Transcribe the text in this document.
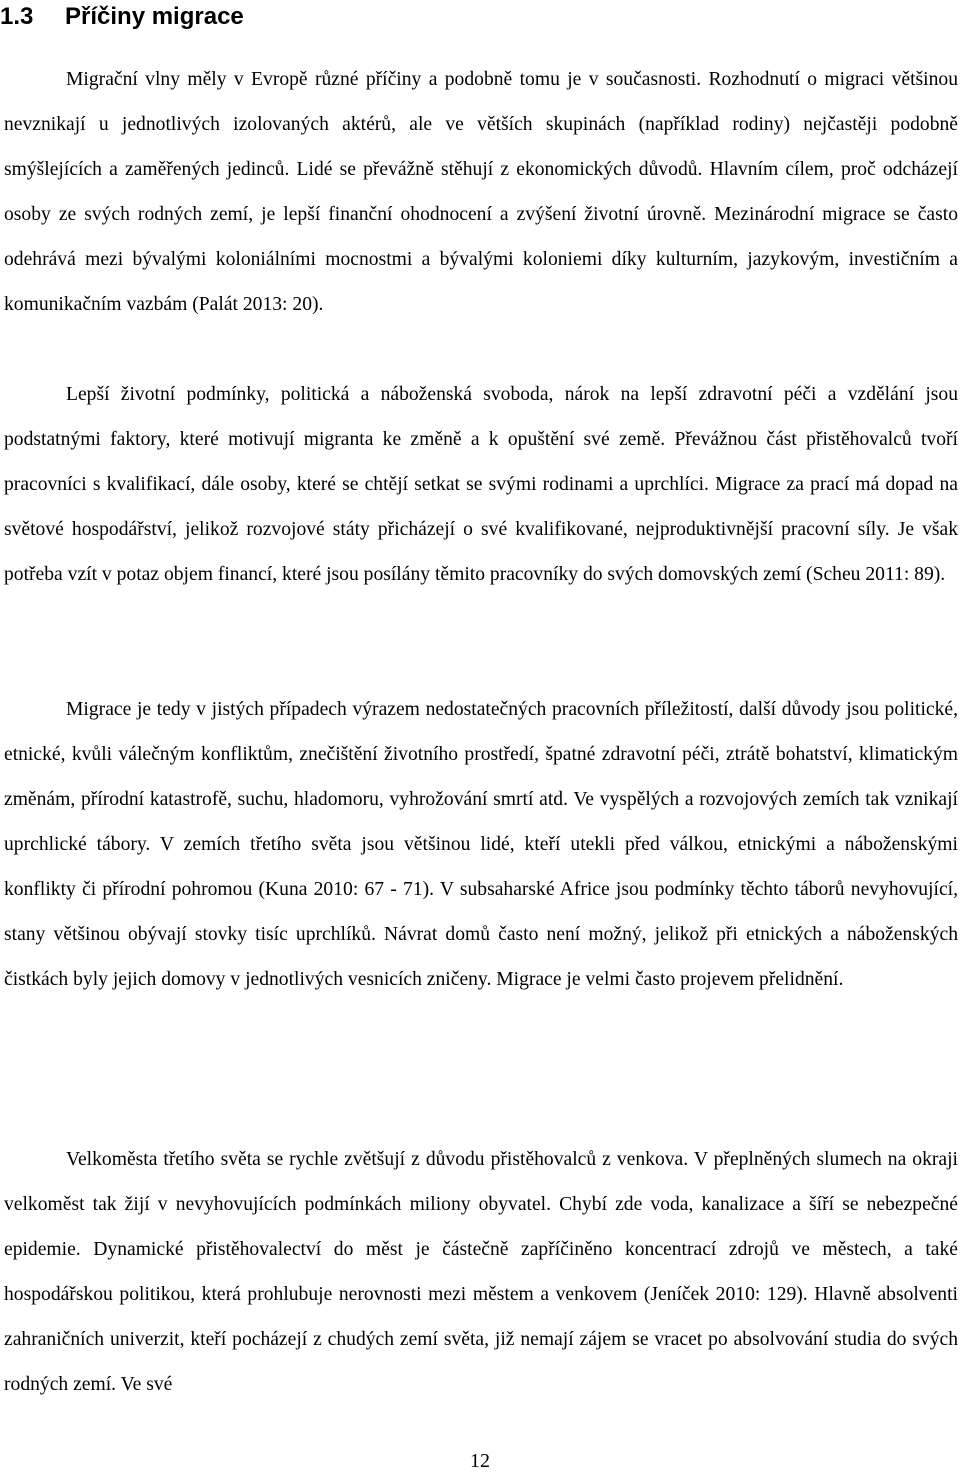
1.3 Příčiny migrace

Migrační vlny měly v Evropě různé příčiny a podobně tomu je v současnosti. Rozhodnutí o migraci většinou nevznikají u jednotlivých izolovaných aktérů, ale ve větších skupinách (například rodiny) nejčastěji podobně smýšlejících a zaměřených jedinců. Lidé se převážně stěhují z ekonomických důvodů. Hlavním cílem, proč odcházejí osoby ze svých rodných zemí, je lepší finanční ohodnocení a zvýšení životní úrovně. Mezinárodní migrace se často odehrává mezi bývalými koloniálními mocnostmi a bývalými koloniemi díky kulturním, jazykovým, investičním a komunikačním vazbám (Palát 2013: 20).

Lepší životní podmínky, politická a náboženská svoboda, nárok na lepší zdravotní péči a vzdělání jsou podstatnými faktory, které motivují migranta ke změně a k opuštění své země. Převážnou část přistěhovalců tvoří pracovníci s kvalifikací, dále osoby, které se chtějí setkat se svými rodinami a uprchlíci. Migrace za prací má dopad na světové hospodářství, jelikož rozvojové státy přicházejí o své kvalifikované, nejproduktivnější pracovní síly. Je však potřeba vzít v potaz objem financí, které jsou posílány těmito pracovníky do svých domovských zemí (Scheu 2011: 89).

Migrace je tedy v jistých případech výrazem nedostatečných pracovních příležitostí, další důvody jsou politické, etnické, kvůli válečným konfliktům, znečištění životního prostředí, špatné zdravotní péči, ztrátě bohatství, klimatickým změnám, přírodní katastrofě, suchu, hladomoru, vyhrožování smrtí atd. Ve vyspělých a rozvojových zemích tak vznikají uprchlické tábory. V zemích třetího světa jsou většinou lidé, kteří utekli před válkou, etnickými a náboženskými konflikty či přírodní pohromou (Kuna 2010: 67 - 71). V subsaharské Africe jsou podmínky těchto táborů nevyhovující, stany většinou obývají stovky tisíc uprchlíků. Návrat domů často není možný, jelikož při etnických a náboženských čistkách byly jejich domovy v jednotlivých vesnicích zničeny. Migrace je velmi často projevem přelidnění.

Velkoměsta třetího světa se rychle zvětšují z důvodu přistěhovalců z venkova. V přeplněných slumech na okraji velkoměst tak žijí v nevyhovujících podmínkách miliony obyvatel. Chybí zde voda, kanalizace a šíří se nebezpečné epidemie. Dynamické přistěhovalectví do měst je částečně zapříčiněno koncentrací zdrojů ve městech, a také hospodářskou politikou, která prohlubuje nerovnosti mezi městem a venkovem (Jeníček 2010: 129). Hlavně absolventi zahraničních univerzit, kteří pocházejí z chudých zemí světa, již nemají zájem se vracet po absolvování studia do svých rodných zemí. Ve své

12
